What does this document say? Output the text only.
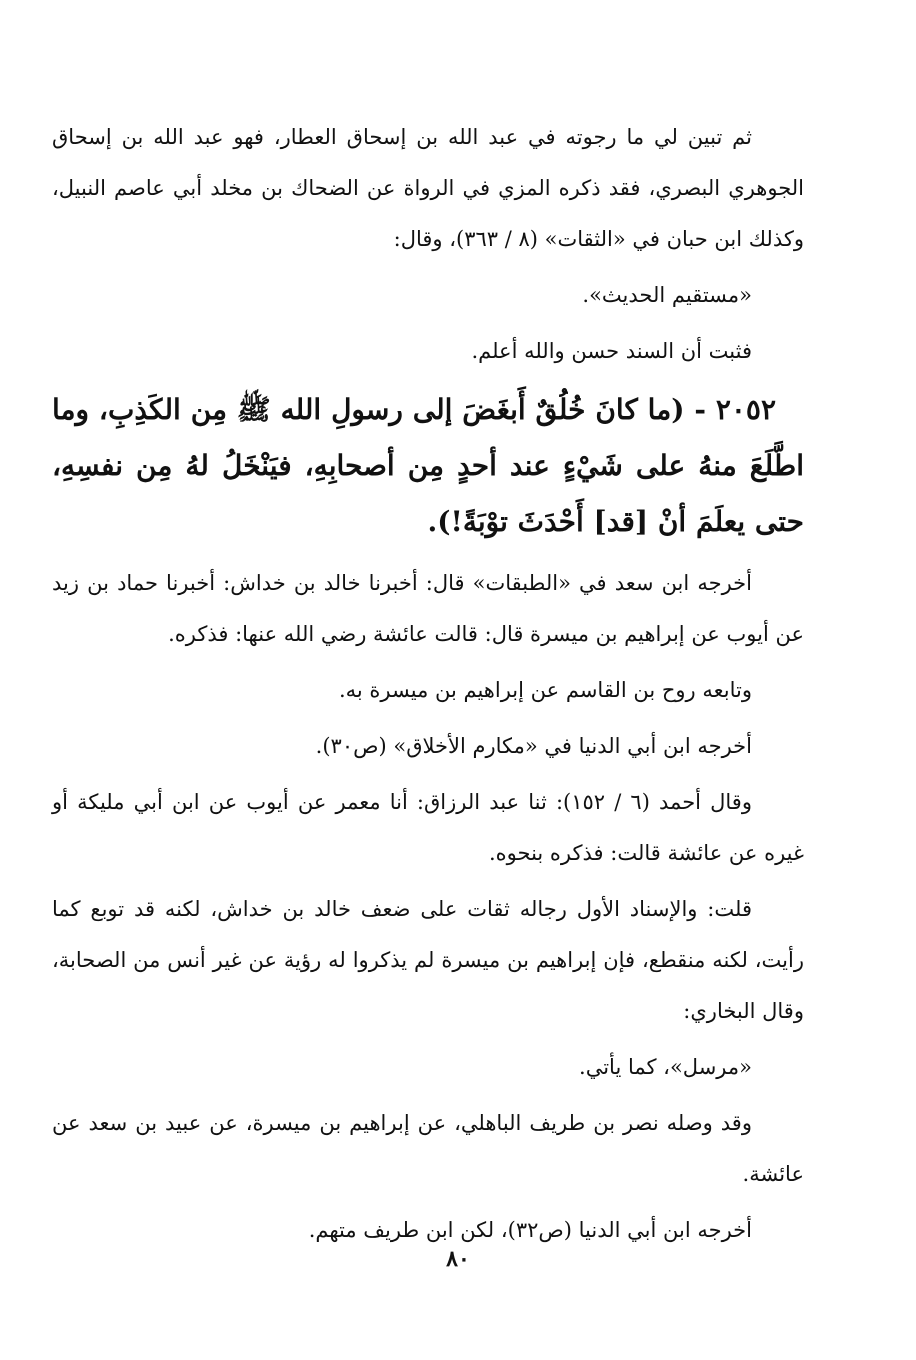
ثم تبين لي ما رجوته في عبد الله بن إسحاق العطار، فهو عبد الله بن إسحاق الجوهري البصري، فقد ذكره المزي في الرواة عن الضحاك بن مخلد أبي عاصم النبيل، وكذلك ابن حبان في «الثقات» (٨ / ٣٦٣)، وقال:

«مستقيم الحديث».

فثبت أن السند حسن والله أعلم.

٢٠٥٢ - (ما كانَ خُلُقٌ أَبغَضَ إلى رسولِ الله ﷺ مِن الكَذِبِ، وما اطَّلَعَ منهُ على شَيْءٍ عند أحدٍ مِن أصحابِهِ، فيَنْخَلُ لهُ مِن نفسِهِ، حتى يعلَمَ أنْ [قد] أَحْدَثَ توْبَةً!).

أخرجه ابن سعد في «الطبقات» قال: أخبرنا خالد بن خداش: أخبرنا حماد بن زيد عن أيوب عن إبراهيم بن ميسرة قال: قالت عائشة رضي الله عنها: فذكره.

وتابعه روح بن القاسم عن إبراهيم بن ميسرة به.

أخرجه ابن أبي الدنيا في «مكارم الأخلاق» (ص٣٠).

وقال أحمد (٦ / ١٥٢): ثنا عبد الرزاق: أنا معمر عن أيوب عن ابن أبي مليكة أو غيره عن عائشة قالت: فذكره بنحوه.

قلت: والإسناد الأول رجاله ثقات على ضعف خالد بن خداش، لكنه قد توبع كما رأيت، لكنه منقطع، فإن إبراهيم بن ميسرة لم يذكروا له رؤية عن غير أنس من الصحابة، وقال البخاري:

«مرسل»، كما يأتي.

وقد وصله نصر بن طريف الباهلي، عن إبراهيم بن ميسرة، عن عبيد بن سعد عن عائشة.

أخرجه ابن أبي الدنيا (ص٣٢)، لكن ابن طريف متهم.

٨٠
